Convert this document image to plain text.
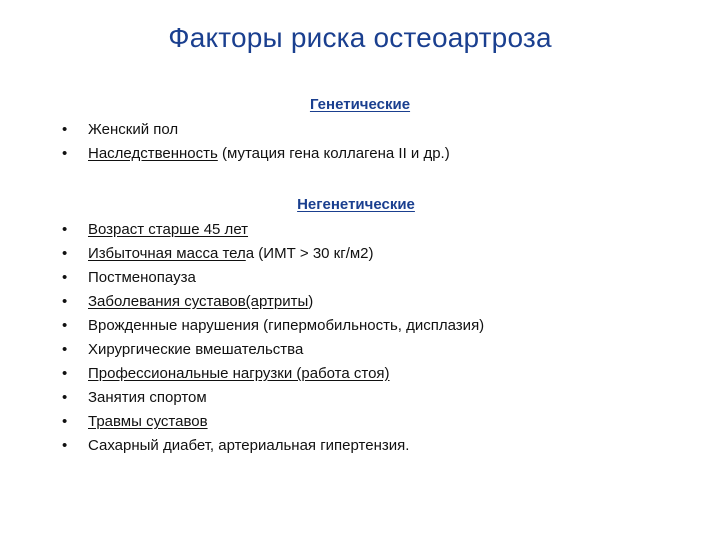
Факторы риска остеоартроза
Генетические
• Женский пол
• Наследственность (мутация гена коллагена II и др.)
Негенетические
• Возраст старше 45 лет
• Избыточная масса тела (ИМТ > 30 кг/м2)
• Постменопауза
• Заболевания суставов(артриты)
• Врожденные нарушения (гипермобильность, дисплазия)
• Хирургические вмешательства
• Профессиональные нагрузки (работа стоя)
• Занятия спортом
• Травмы суставов
• Сахарный диабет, артериальная гипертензия.
